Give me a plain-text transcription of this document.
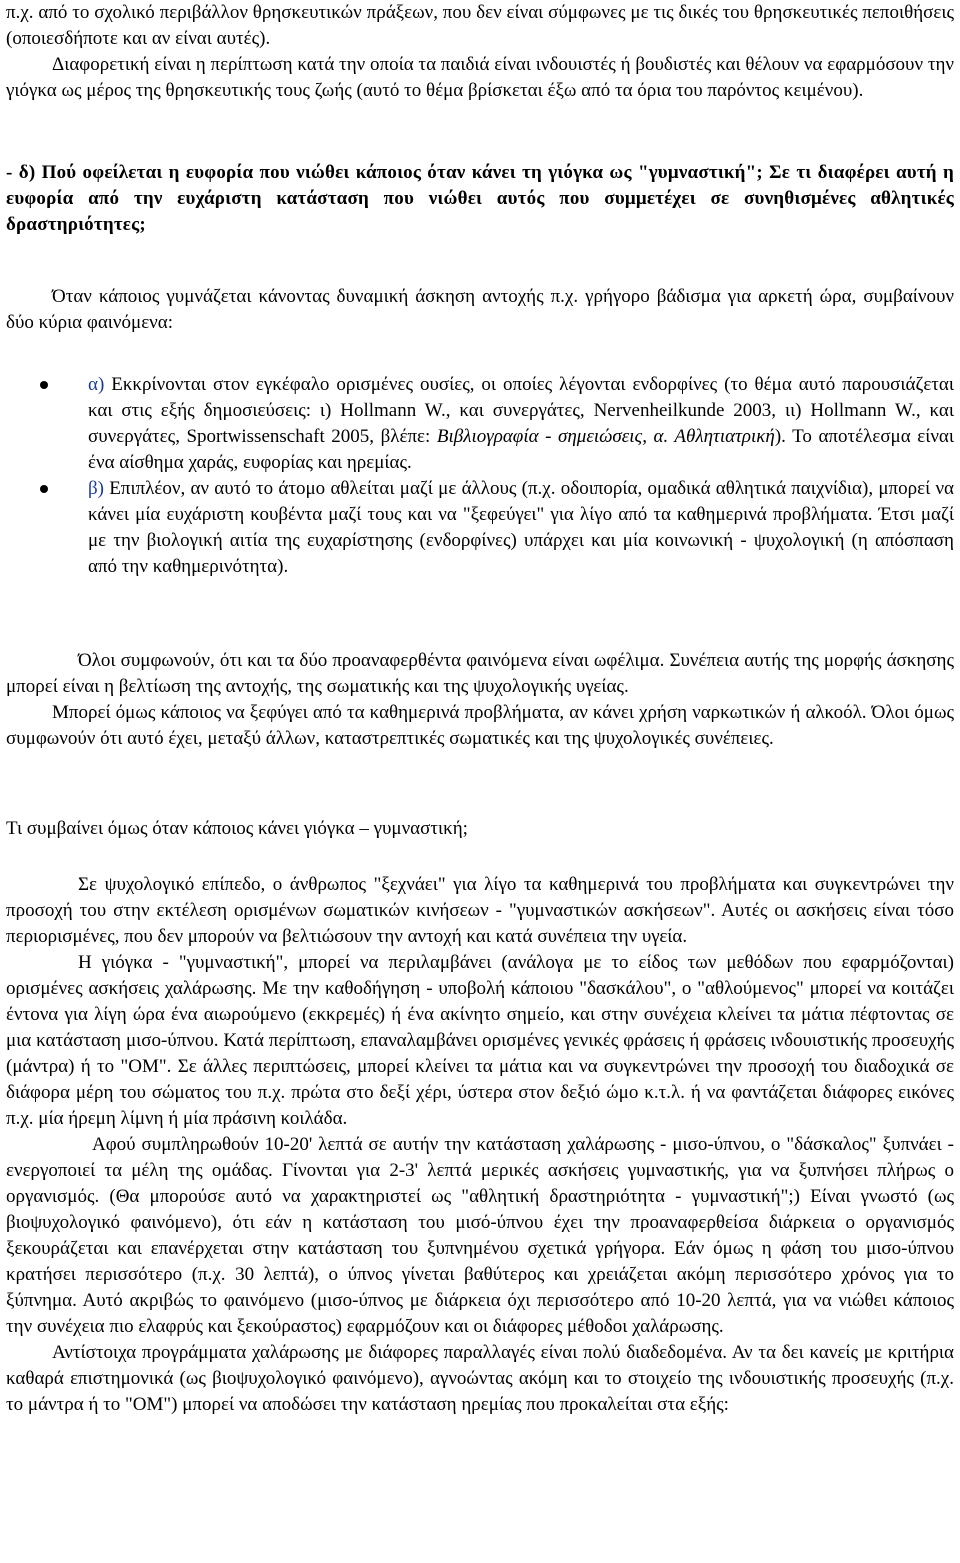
π.χ. από το σχολικό περιβάλλον θρησκευτικών πράξεων, που δεν είναι σύμφωνες με τις δικές του θρησκευτικές πεποιθήσεις (οποιεσδήποτε και αν είναι αυτές).

Διαφορετική είναι η περίπτωση κατά την οποία τα παιδιά είναι ινδουιστές ή βουδιστές και θέλουν να εφαρμόσουν την γιόγκα ως μέρος της θρησκευτικής τους ζωής (αυτό το θέμα βρίσκεται έξω από τα όρια του παρόντος κειμένου).

- δ) Πού οφείλεται η ευφορία που νιώθει κάποιος όταν κάνει τη γιόγκα ως "γυμναστική"; Σε τι διαφέρει αυτή η ευφορία από την ευχάριστη κατάσταση που νιώθει αυτός που συμμετέχει σε συνηθισμένες αθλητικές δραστηριότητες;

Όταν κάποιος γυμνάζεται κάνοντας δυναμική άσκηση αντοχής π.χ. γρήγορο βάδισμα για αρκετή ώρα, συμβαίνουν δύο κύρια φαινόμενα:

α) Εκκρίνονται στον εγκέφαλο ορισμένες ουσίες, οι οποίες λέγονται ενδορφίνες (το θέμα αυτό παρουσιάζεται και στις εξής δημοσιεύσεις: ι) Hollmann W., και συνεργάτες, Nervenheilkunde 2003, ιι) Hollmann W., και συνεργάτες, Sportwissenschaft 2005, βλέπε: Βιβλιογραφία - σημειώσεις, α. Αθλητιατρική). Το αποτέλεσμα είναι ένα αίσθημα χαράς, ευφορίας και ηρεμίας.
β) Επιπλέον, αν αυτό το άτομο αθλείται μαζί με άλλους (π.χ. οδοιπορία, ομαδικά αθλητικά παιχνίδια), μπορεί να κάνει μία ευχάριστη κουβέντα μαζί τους και να "ξεφεύγει" για λίγο από τα καθημερινά προβλήματα. Έτσι μαζί με την βιολογική αιτία της ευχαρίστησης (ενδορφίνες) υπάρχει και μία κοινωνική - ψυχολογική (η απόσπαση από την καθημερινότητα).

Όλοι συμφωνούν, ότι και τα δύο προαναφερθέντα φαινόμενα είναι ωφέλιμα. Συνέπεια αυτής της μορφής άσκησης μπορεί είναι η βελτίωση της αντοχής, της σωματικής και της ψυχολογικής υγείας.

Μπορεί όμως κάποιος να ξεφύγει από τα καθημερινά προβλήματα, αν κάνει χρήση ναρκωτικών ή αλκοόλ. Όλοι όμως συμφωνούν ότι αυτό έχει, μεταξύ άλλων, καταστρεπτικές σωματικές και της ψυχολογικές συνέπειες.

Τι συμβαίνει όμως όταν κάποιος κάνει γιόγκα – γυμναστική;

Σε ψυχολογικό επίπεδο, ο άνθρωπος "ξεχνάει" για λίγο τα καθημερινά του προβλήματα και συγκεντρώνει την προσοχή του στην εκτέλεση ορισμένων σωματικών κινήσεων - "γυμναστικών ασκήσεων". Αυτές οι ασκήσεις είναι τόσο περιορισμένες, που δεν μπορούν να βελτιώσουν την αντοχή και κατά συνέπεια την υγεία.

Η γιόγκα - "γυμναστική", μπορεί να περιλαμβάνει (ανάλογα με το είδος των μεθόδων που εφαρμόζονται) ορισμένες ασκήσεις χαλάρωσης. Με την καθοδήγηση - υποβολή κάποιου "δασκάλου", ο "αθλούμενος" μπορεί να κοιτάζει έντονα για λίγη ώρα ένα αιωρούμενο (εκκρεμές) ή ένα ακίνητο σημείο, και στην συνέχεια κλείνει τα μάτια πέφτοντας σε μια κατάσταση μισο-ύπνου. Κατά περίπτωση, επαναλαμβάνει ορισμένες γενικές φράσεις ή φράσεις ινδουιστικής προσευχής (μάντρα) ή το "ΟΜ". Σε άλλες περιπτώσεις, μπορεί κλείνει τα μάτια και να συγκεντρώνει την προσοχή του διαδοχικά σε διάφορα μέρη του σώματος του π.χ. πρώτα στο δεξί χέρι, ύστερα στον δεξιό ώμο κ.τ.λ. ή να φαντάζεται διάφορες εικόνες π.χ. μία ήρεμη λίμνη ή μία πράσινη κοιλάδα.

Αφού συμπληρωθούν 10-20' λεπτά σε αυτήν την κατάσταση χαλάρωσης - μισο-ύπνου, ο "δάσκαλος" ξυπνάει - ενεργοποιεί τα μέλη της ομάδας. Γίνονται για 2-3' λεπτά μερικές ασκήσεις γυμναστικής, για να ξυπνήσει πλήρως ο οργανισμός. (Θα μπορούσε αυτό να χαρακτηριστεί ως "αθλητική δραστηριότητα - γυμναστική";) Είναι γνωστό (ως βιοψυχολογικό φαινόμενο), ότι εάν η κατάσταση του μισό-ύπνου έχει την προαναφερθείσα διάρκεια ο οργανισμός ξεκουράζεται και επανέρχεται στην κατάσταση του ξυπνημένου σχετικά γρήγορα. Εάν όμως η φάση του μισο-ύπνου κρατήσει περισσότερο (π.χ. 30 λεπτά), ο ύπνος γίνεται βαθύτερος και χρειάζεται ακόμη περισσότερο χρόνος για το ξύπνημα. Αυτό ακριβώς το φαινόμενο (μισο-ύπνος με διάρκεια όχι περισσότερο από 10-20 λεπτά, για να νιώθει κάποιος την συνέχεια πιο ελαφρύς και ξεκούραστος) εφαρμόζουν και οι διάφορες μέθοδοι χαλάρωσης.

Αντίστοιχα προγράμματα χαλάρωσης με διάφορες παραλλαγές είναι πολύ διαδεδομένα. Αν τα δει κανείς με κριτήρια καθαρά επιστημονικά (ως βιοψυχολογικό φαινόμενο), αγνοώντας ακόμη και το στοιχείο της ινδουιστικής προσευχής (π.χ. το μάντρα ή το "ΟΜ") μπορεί να αποδώσει την κατάσταση ηρεμίας που προκαλείται στα εξής:
